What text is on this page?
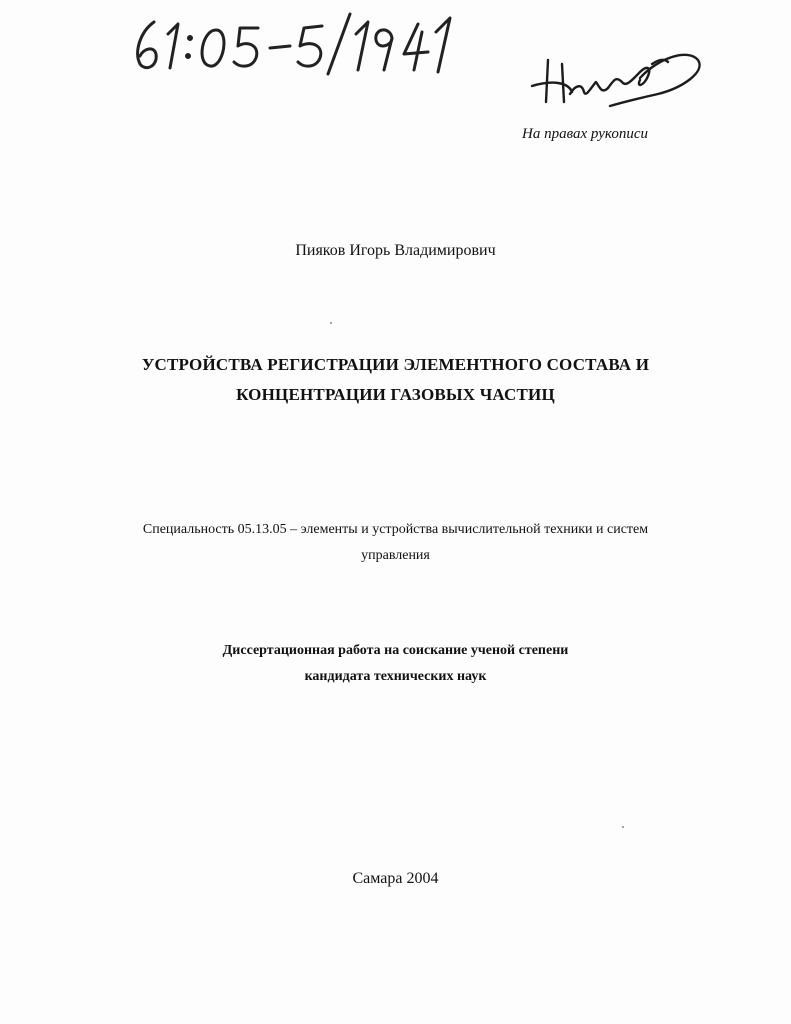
На правах рукописи
Пияков Игорь Владимирович
УСТРОЙСТВА РЕГИСТРАЦИИ ЭЛЕМЕНТНОГО СОСТАВА И
КОНЦЕНТРАЦИИ ГАЗОВЫХ ЧАСТИЦ
Специальность 05.13.05 – элементы и устройства вычислительной техники и систем
управления
Диссертационная работа на соискание ученой степени
кандидата технических наук
Самара 2004
